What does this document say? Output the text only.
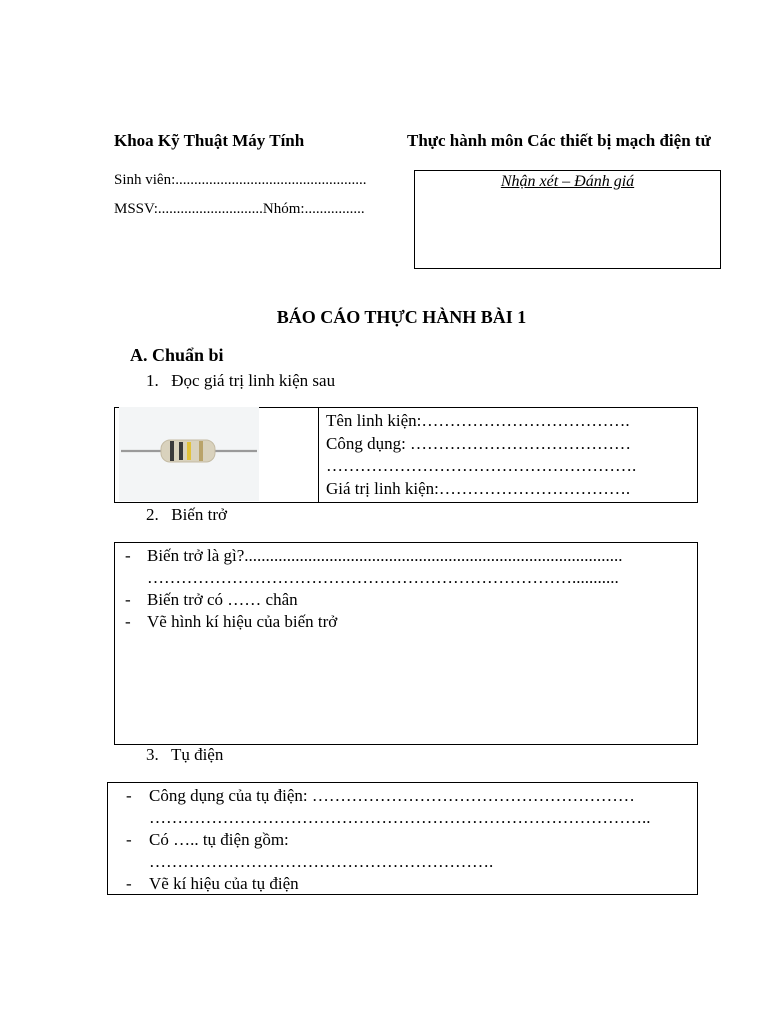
Khoa Kỹ Thuật Máy Tính	Thực hành môn Các thiết bị mạch điện tử
Sinh viên:...................................................
MSSV:............................Nhóm:................
Nhận xét – Đánh giá
BÁO CÁO THỰC HÀNH BÀI 1
A. Chuẩn bi
1. Đọc giá trị linh kiện sau
Tên linh kiện:……………………………….
Công dụng: …………………………………
……………………………………………….
Giá trị linh kiện:…………………………….
2. Biến trở
- Biến trở là gì?.........................................................................................
…………………………………………………………………...........
- Biến trở có …… chân
- Vẽ hình kí hiệu của biến trở
3. Tụ điện
- Công dụng của tụ điện: …………………………………………………
……………………………………………………………………………..
- Có ….. tụ điện gồm:
…………………………………………………….
- Vẽ kí hiệu của tụ điện
